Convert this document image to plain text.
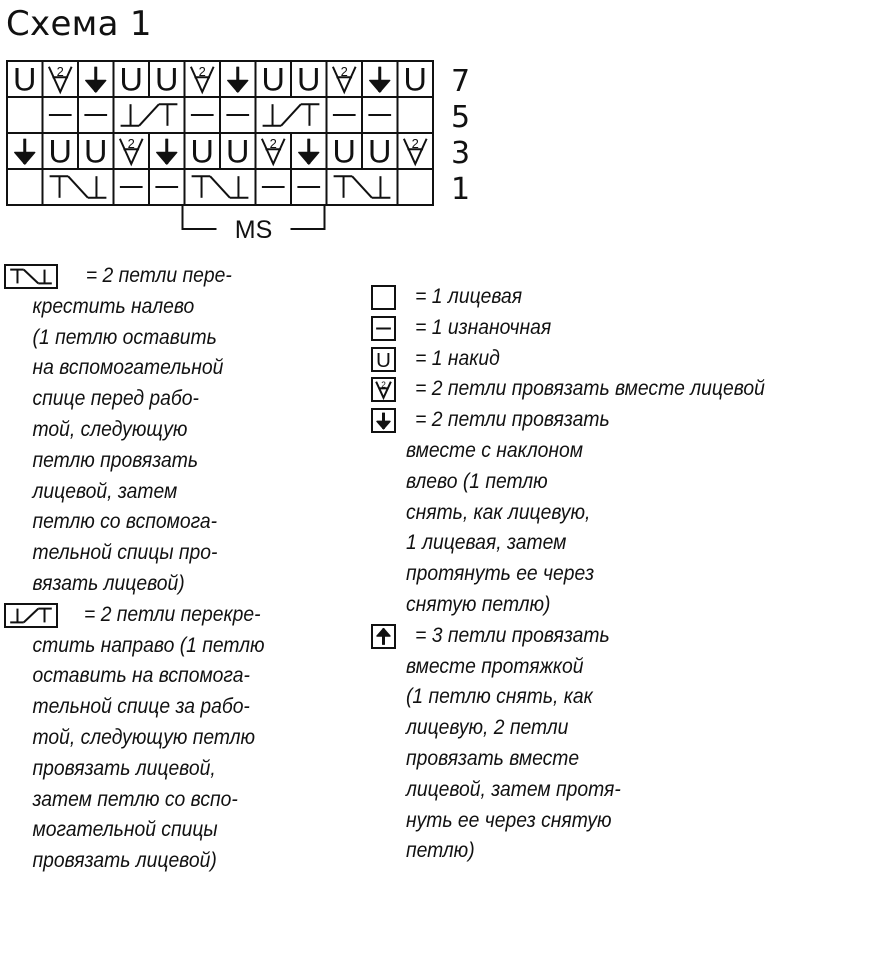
Схема 1
U 2 U U 2 U U 2 U
U U 2 U U 2 U U 2
7
5
3
1
MS
= 2 петли пере-
крестить налево
(1 петлю оставить
на вспомогательной
спице перед рабо-
той, следующую
петлю провязать
лицевой, затем
петлю со вспомога-
тельной спицы про-
вязать лицевой)
= 2 петли перекре-
стить направо (1 петлю
оставить на вспомога-
тельной спице за рабо-
той, следующую петлю
провязать лицевой,
затем петлю со вспо-
могательной спицы
провязать лицевой)
= 1 лицевая
= 1 изнаночная
U	= 1 накид
2	= 2 петли провязать вместе лицевой
= 2 петли провязать
вместе с наклоном
влево (1 петлю
снять, как лицевую,
1 лицевая, затем
протянуть ее через
снятую петлю)
= 3 петли провязать
вместе протяжкой
(1 петлю снять, как
лицевую, 2 петли
провязать вместе
лицевой, затем протя-
нуть ее через снятую
петлю)
